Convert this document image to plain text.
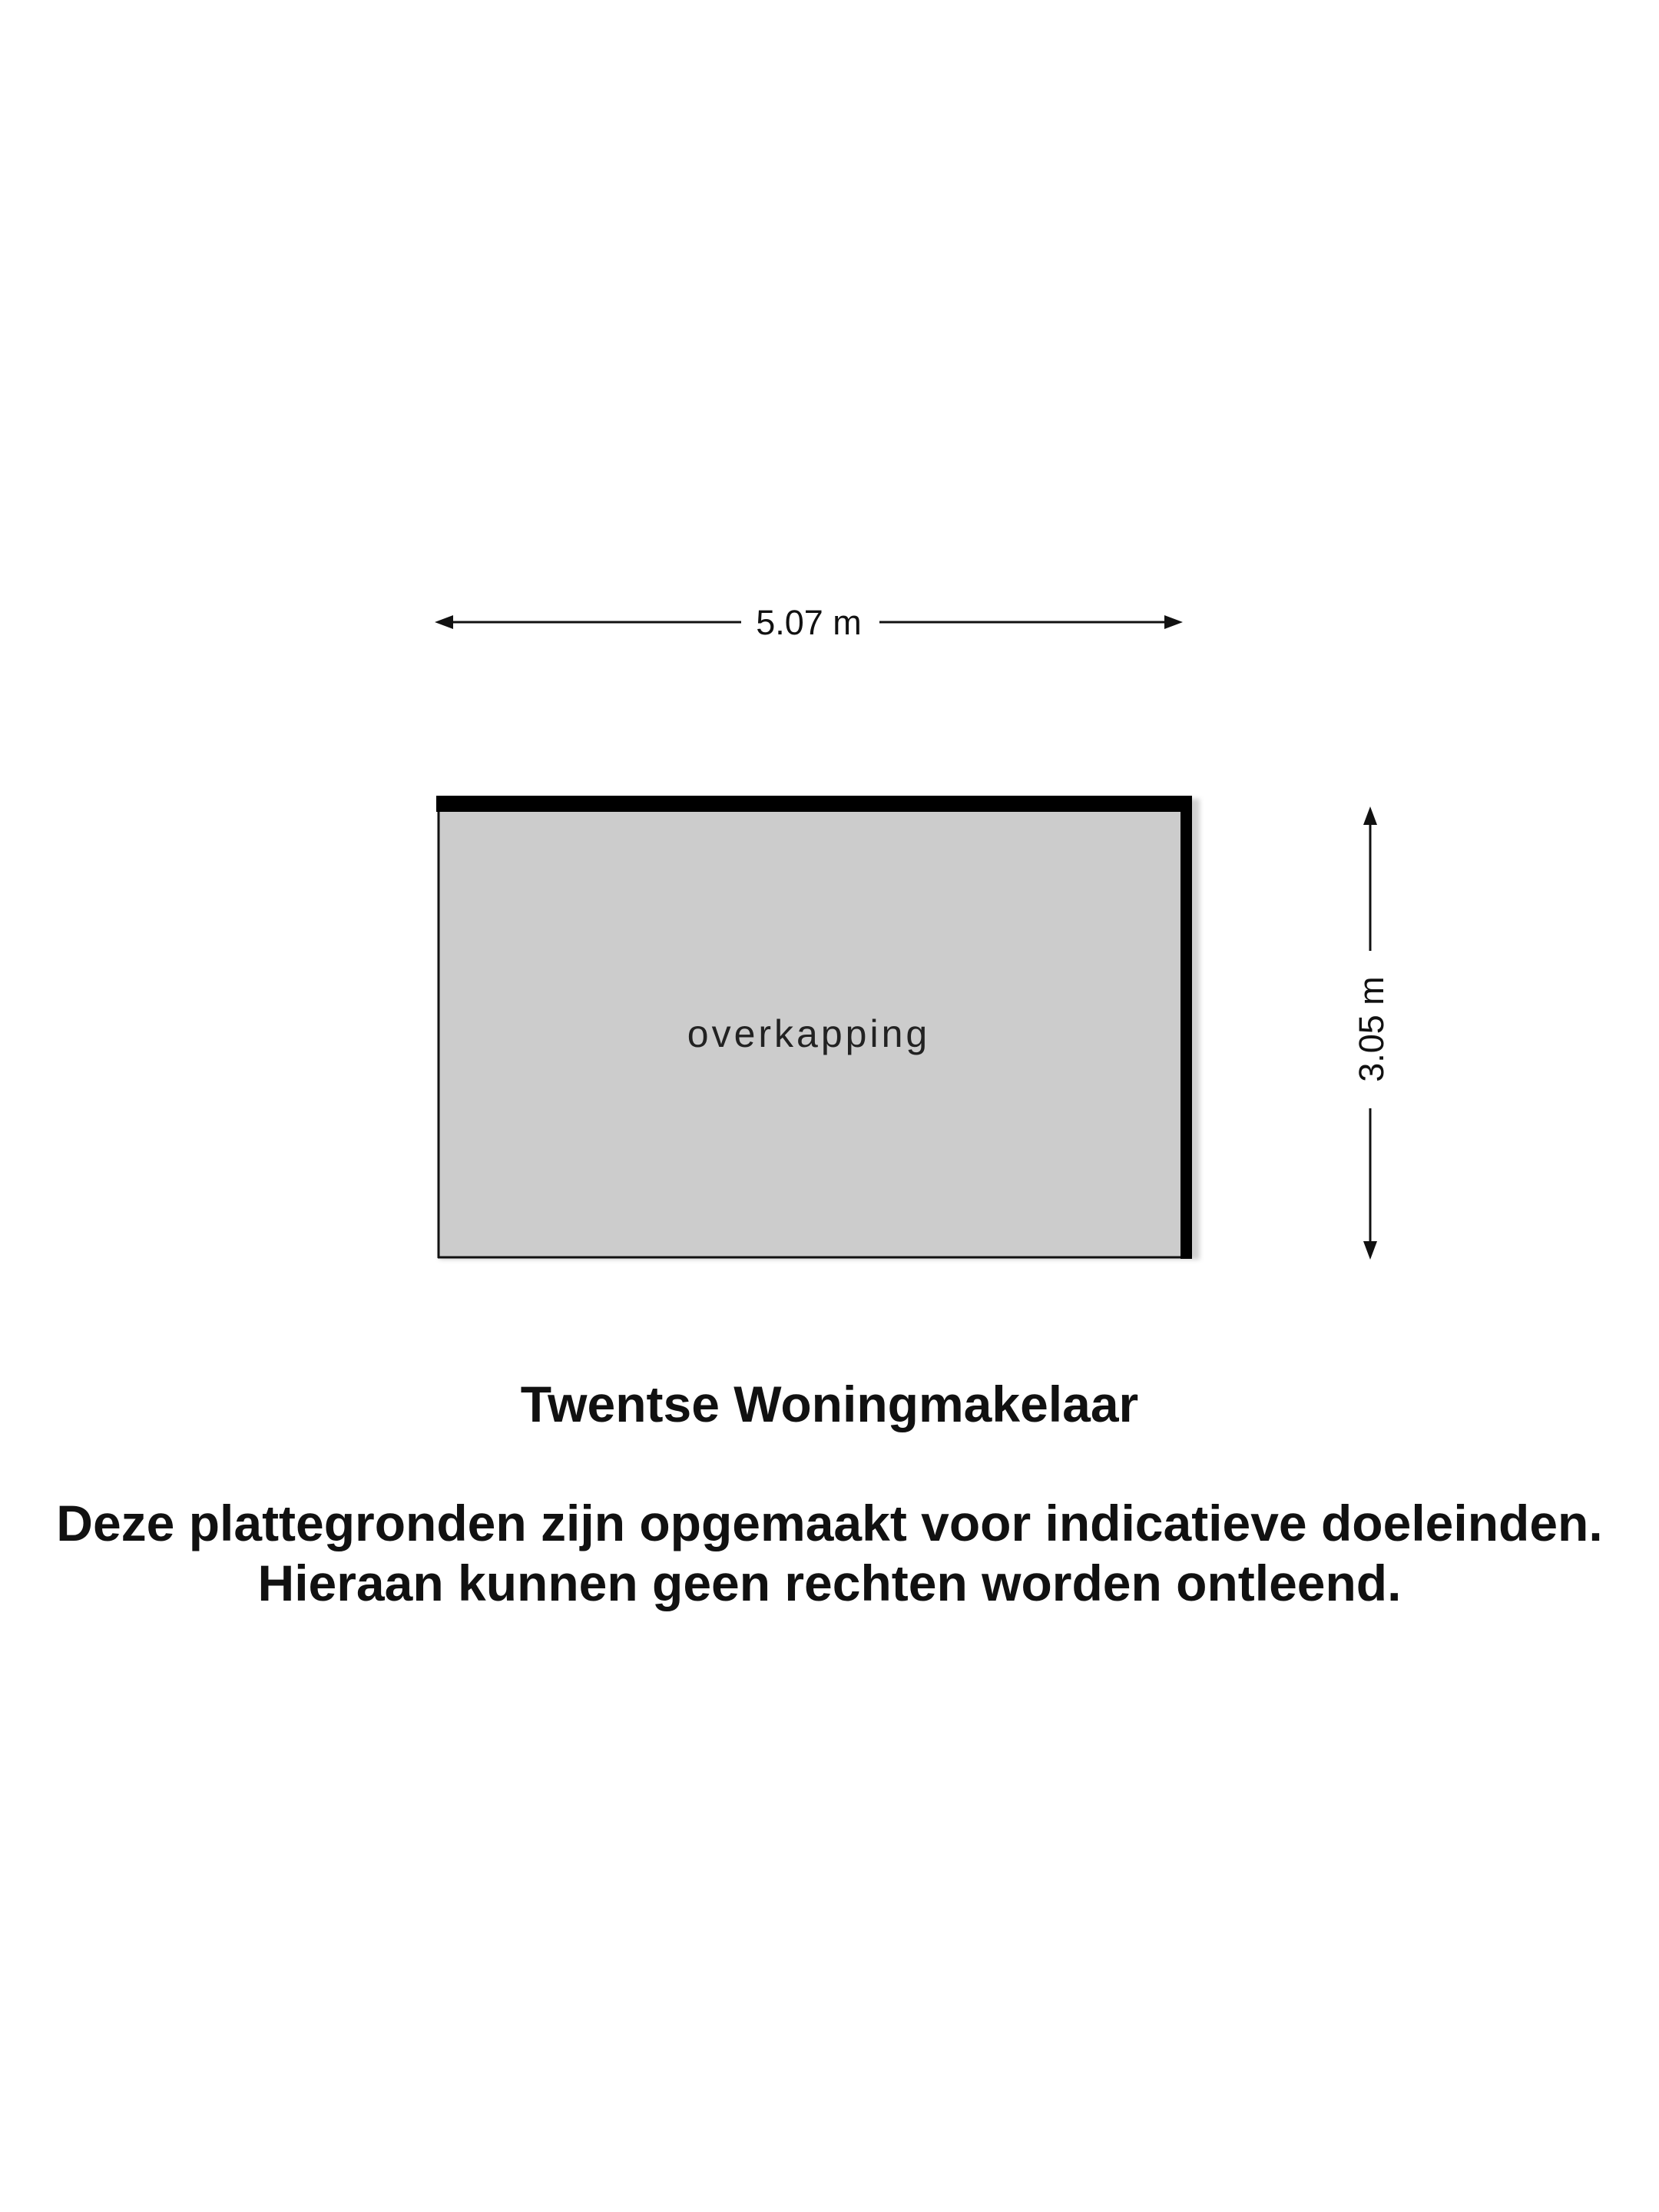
5.07 m
overkapping	3.05 m

Twentse Woningmakelaar

Deze plattegronden zijn opgemaakt voor indicatieve doeleinden.
Hieraan kunnen geen rechten worden ontleend.
